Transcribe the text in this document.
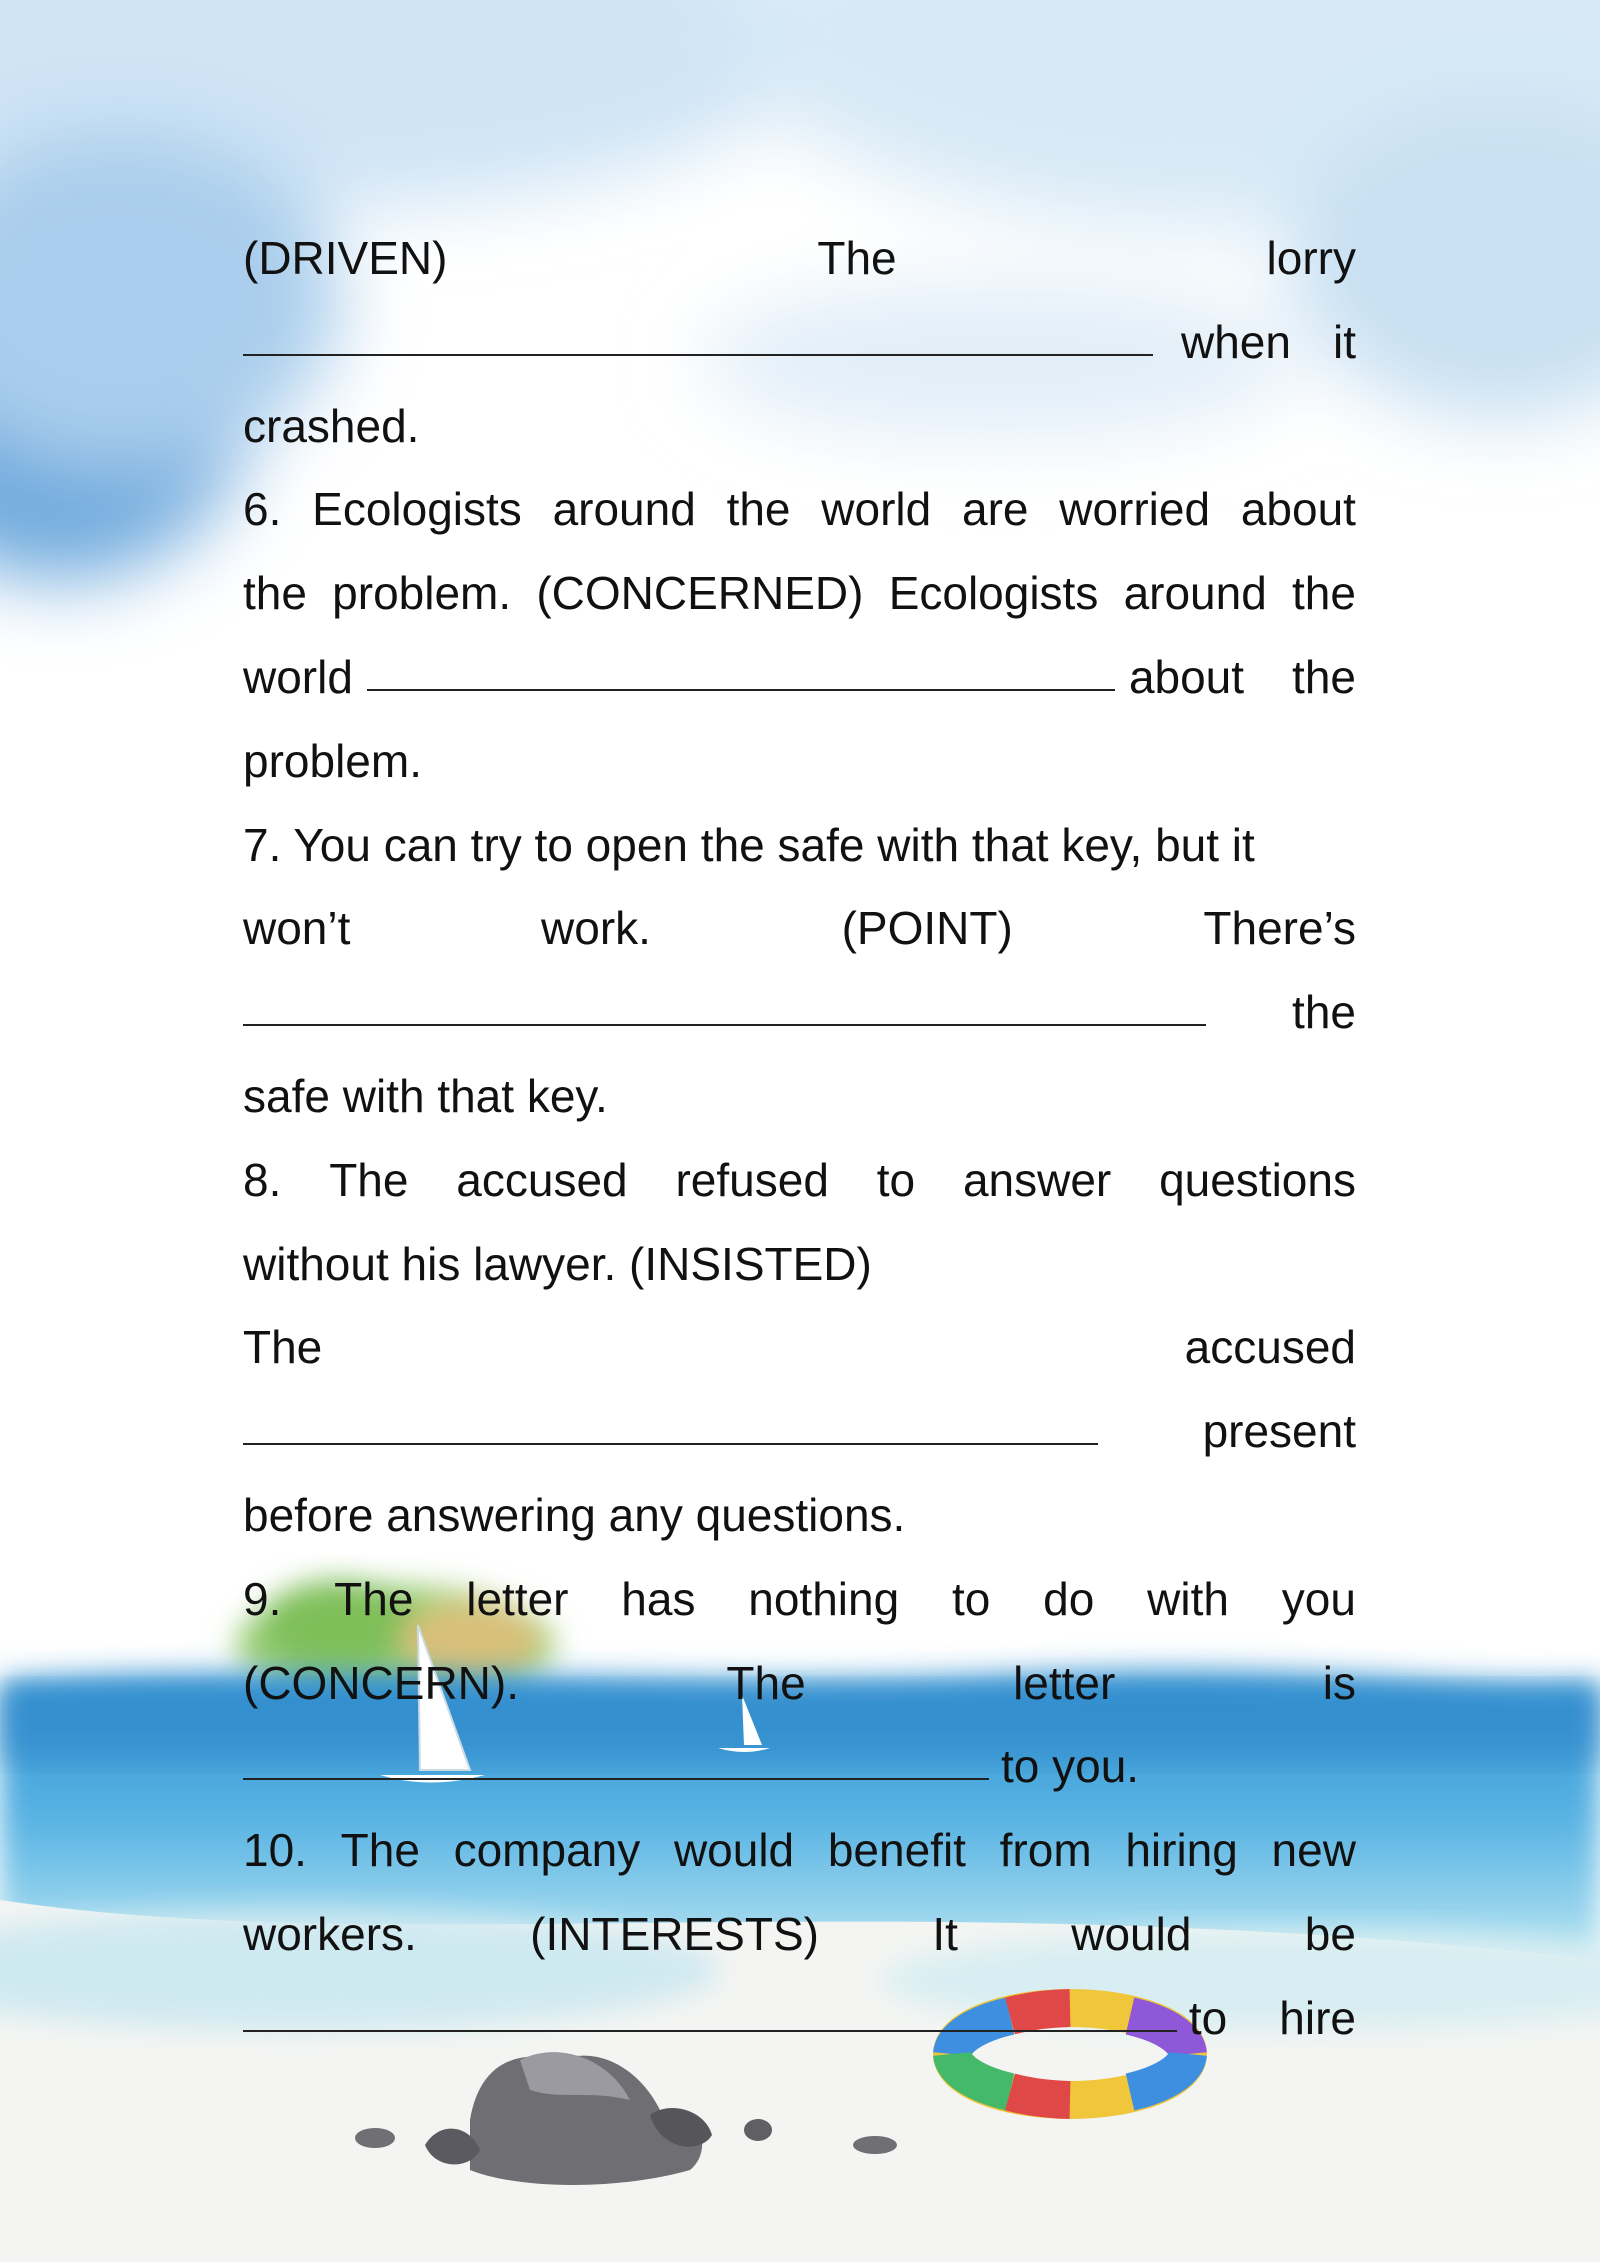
(DRIVEN)	The	lorry
when it
crashed.
6. Ecologists around the world are worried about
the problem. (CONCERNED) Ecologists around the
world	about the
problem.
7. You can try to open the safe with that key, but it
won’t	work.	(POINT)	There’s
the
safe with that key.
8. The accused refused to answer questions
without his lawyer. (INSISTED)
The	accused
present
before answering any questions.
9. The letter has nothing to do with you
(CONCERN).	The	letter	is
to you.
10. The company would benefit from hiring new
workers. (INTERESTS) It would be
to hire
